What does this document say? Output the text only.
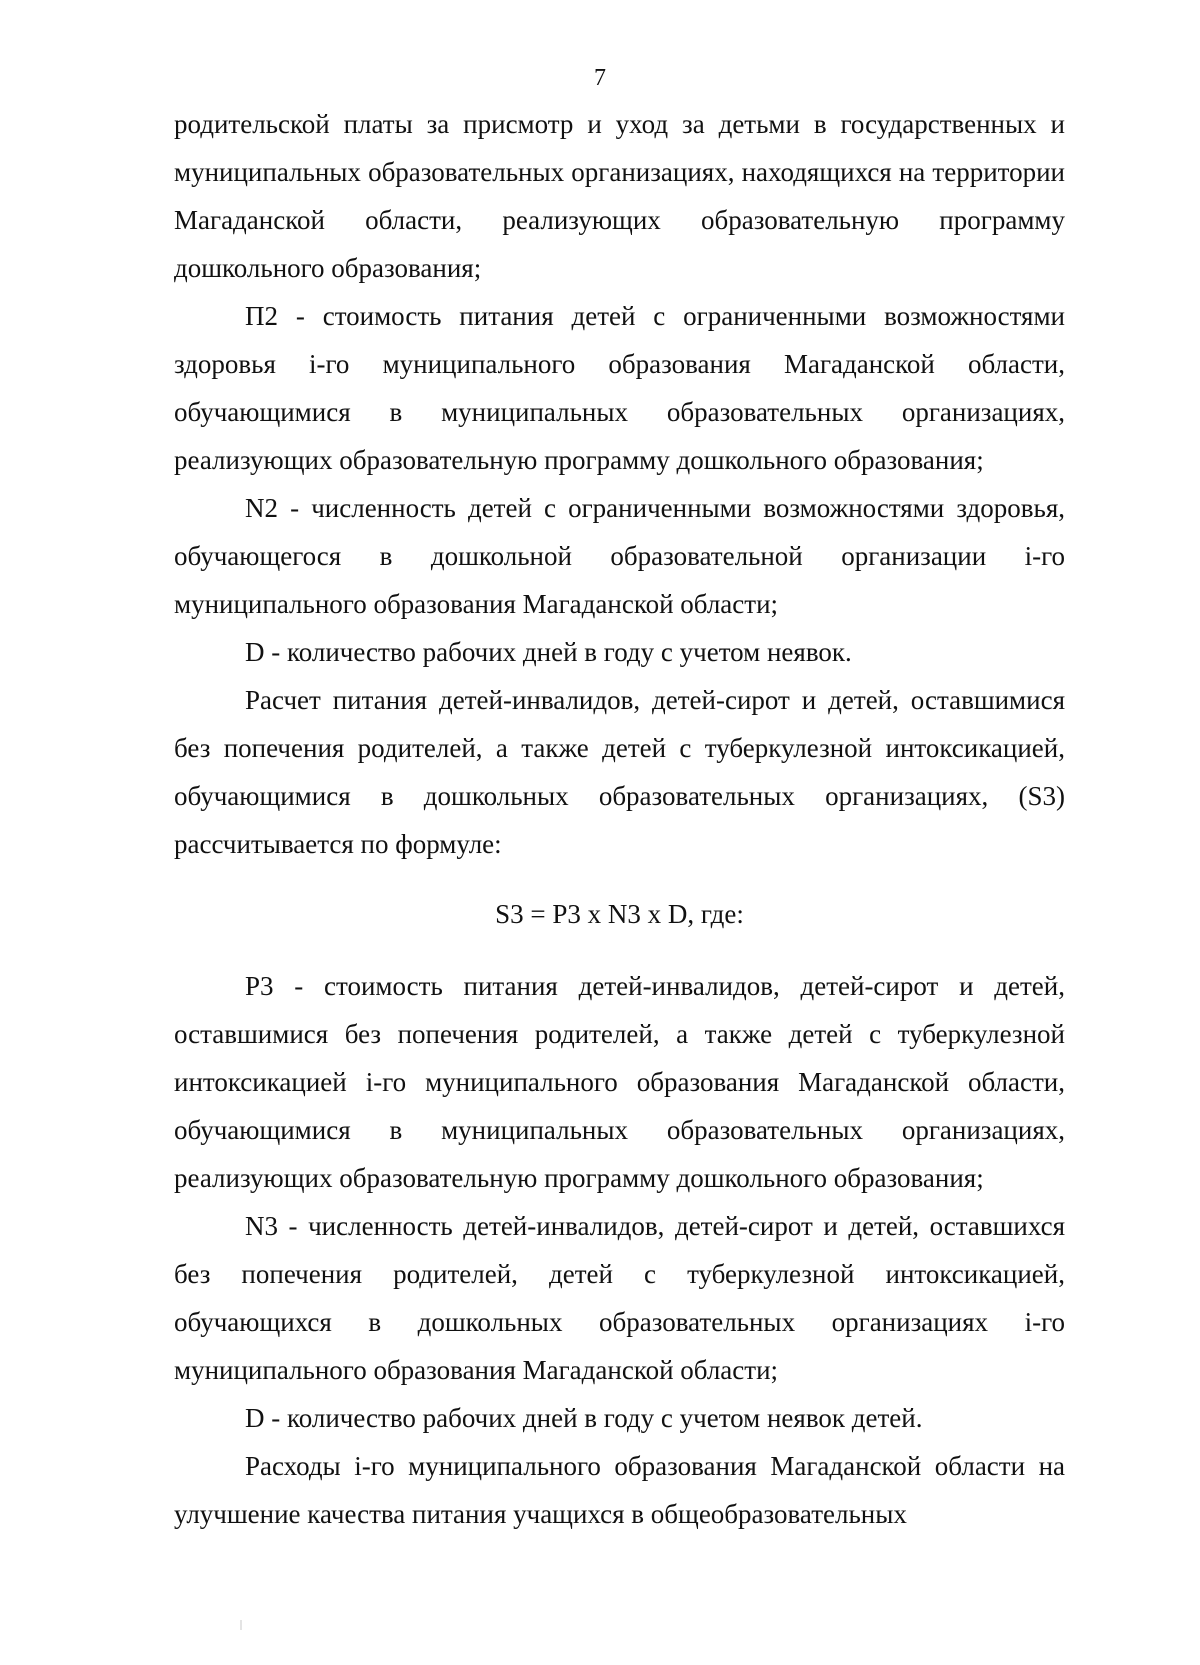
7

родительской платы за присмотр и уход за детьми в государственных и муниципальных образовательных организациях, находящихся на территории Магаданской области, реализующих образовательную программу дошкольного образования;

П2 - стоимость питания детей с ограниченными возможностями здоровья i-го муниципального образования Магаданской области, обучающимися в муниципальных образовательных организациях, реализующих образовательную программу дошкольного образования;

N2 - численность детей с ограниченными возможностями здоровья, обучающегося в дошкольной образовательной организации i-го муниципального образования Магаданской области;

D - количество рабочих дней в году с учетом неявок.

Расчет питания детей-инвалидов, детей-сирот и детей, оставшимися без попечения родителей, а также детей с туберкулезной интоксикацией, обучающимися в дошкольных образовательных организациях, (S3) рассчитывается по формуле:

S3 = P3 x N3 x D, где:

P3 - стоимость питания детей-инвалидов, детей-сирот и детей, оставшимися без попечения родителей, а также детей с туберкулезной интоксикацией i-го муниципального образования Магаданской области, обучающимися в муниципальных образовательных организациях, реализующих образовательную программу дошкольного образования;

N3 - численность детей-инвалидов, детей-сирот и детей, оставшихся без попечения родителей, детей с туберкулезной интоксикацией, обучающихся в дошкольных образовательных организациях i-го муниципального образования Магаданской области;

D - количество рабочих дней в году с учетом неявок детей.

Расходы i-го муниципального образования Магаданской области на улучшение качества питания учащихся в общеобразовательных
